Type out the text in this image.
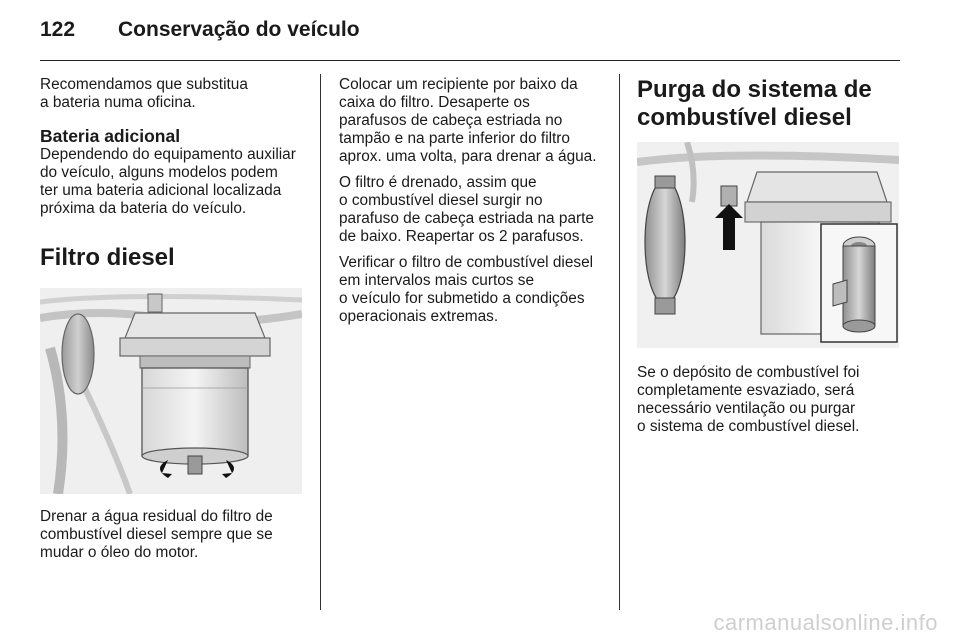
122	Conservação do veículo
Recomendamos que substitua
a bateria numa oficina.
Bateria adicional
Dependendo do equipamento auxiliar
do veículo, alguns modelos podem
ter uma bateria adicional localizada
próxima da bateria do veículo.
Filtro diesel
Drenar a água residual do filtro de
combustível diesel sempre que se
mudar o óleo do motor.
Colocar um recipiente por baixo da
caixa do filtro. Desaperte os
parafusos de cabeça estriada no
tampão e na parte inferior do filtro
aprox. uma volta, para drenar a água.
O filtro é drenado, assim que
o combustível diesel surgir no
parafuso de cabeça estriada na parte
de baixo. Reapertar os 2 parafusos.
Verificar o filtro de combustível diesel
em intervalos mais curtos se
o veículo for submetido a condições
operacionais extremas.
Purga do sistema de
combustível diesel
Se o depósito de combustível foi
completamente esvaziado, será
necessário ventilação ou purgar
o sistema de combustível diesel.
carmanualsonline.info
